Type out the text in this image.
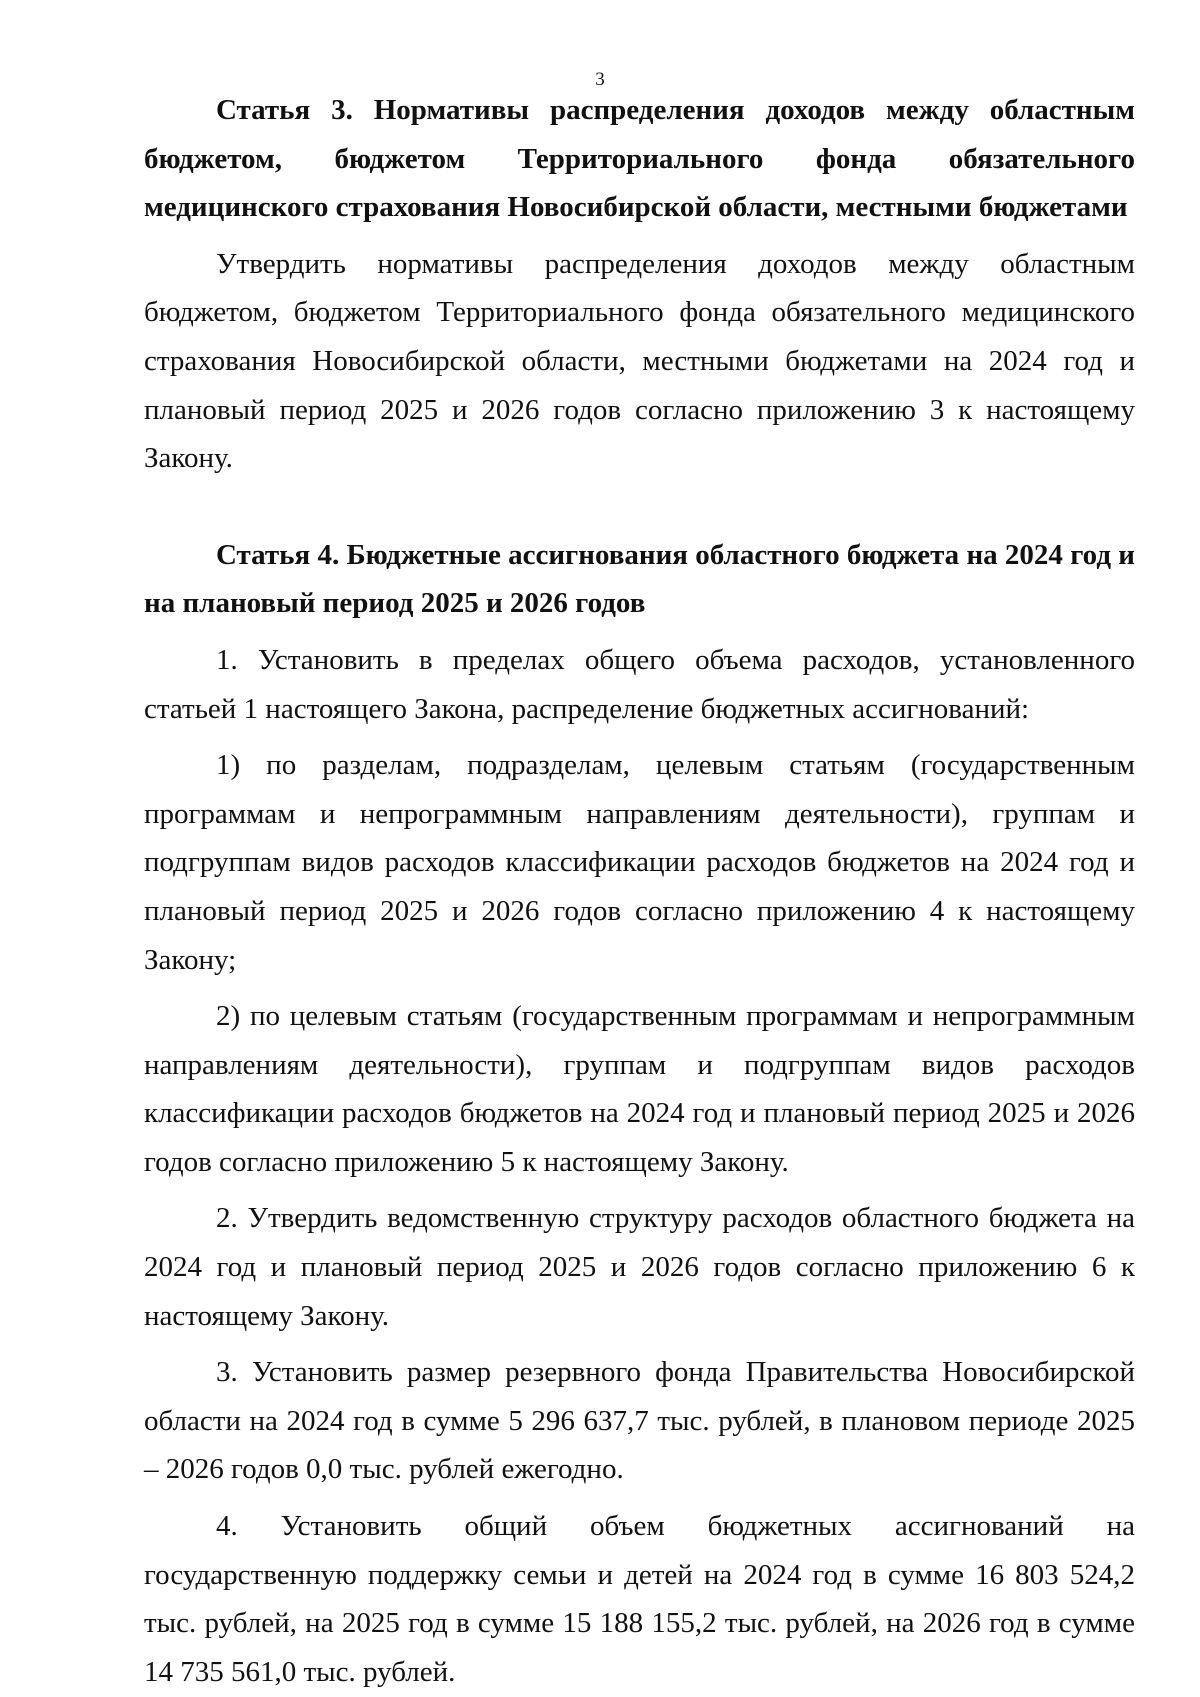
3

Статья 3. Нормативы распределения доходов между областным бюджетом, бюджетом Территориального фонда обязательного медицинского страхования Новосибирской области, местными бюджетами

Утвердить нормативы распределения доходов между областным бюджетом, бюджетом Территориального фонда обязательного медицинского страхования Новосибирской области, местными бюджетами на 2024 год и плановый период 2025 и 2026 годов согласно приложению 3 к настоящему Закону.

Статья 4. Бюджетные ассигнования областного бюджета на 2024 год и на плановый период 2025 и 2026 годов

1. Установить в пределах общего объема расходов, установленного статьей 1 настоящего Закона, распределение бюджетных ассигнований:

1) по разделам, подразделам, целевым статьям (государственным программам и непрограммным направлениям деятельности), группам и подгруппам видов расходов классификации расходов бюджетов на 2024 год и плановый период 2025 и 2026 годов согласно приложению 4 к настоящему Закону;

2) по целевым статьям (государственным программам и непрограммным направлениям деятельности), группам и подгруппам видов расходов классификации расходов бюджетов на 2024 год и плановый период 2025 и 2026 годов согласно приложению 5 к настоящему Закону.

2. Утвердить ведомственную структуру расходов областного бюджета на 2024 год и плановый период 2025 и 2026 годов согласно приложению 6 к настоящему Закону.

3. Установить размер резервного фонда Правительства Новосибирской области на 2024 год в сумме 5 296 637,7 тыс. рублей, в плановом периоде 2025 – 2026 годов 0,0 тыс. рублей ежегодно.

4. Установить общий объем бюджетных ассигнований на государственную поддержку семьи и детей на 2024 год в сумме 16 803 524,2 тыс. рублей, на 2025 год в сумме 15 188 155,2 тыс. рублей, на 2026 год в сумме 14 735 561,0 тыс. рублей.
